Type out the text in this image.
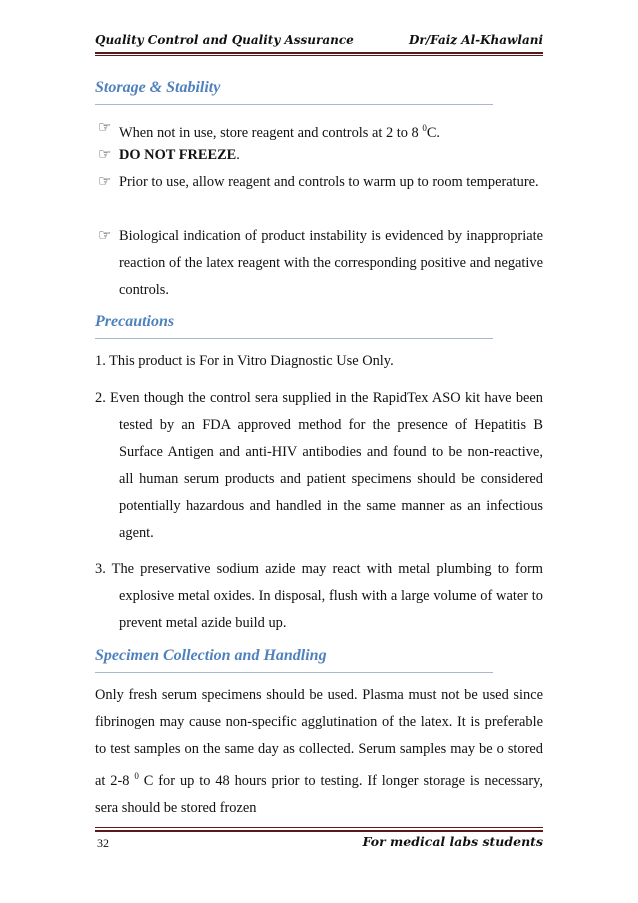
Quality Control and Quality Assurance	Dr/Faiz Al-Khawlani
Storage & Stability
☞ When not in use, store reagent and controls at 2 to 8 $^0$C.
☞ DO NOT FREEZE.
☞ Prior to use, allow reagent and controls to warm up to room temperature.
☞ Biological indication of product instability is evidenced by inappropriate reaction of the latex reagent with the corresponding positive and negative controls.
Precautions
1. This product is For in Vitro Diagnostic Use Only.
2. Even though the control sera supplied in the RapidTex ASO kit have been tested by an FDA approved method for the presence of Hepatitis B Surface Antigen and anti-HIV antibodies and found to be non-reactive, all human serum products and patient specimens should be considered potentially hazardous and handled in the same manner as an infectious agent.
3. The preservative sodium azide may react with metal plumbing to form explosive metal oxides. In disposal, flush with a large volume of water to prevent metal azide build up.
Specimen Collection and Handling
Only fresh serum specimens should be used. Plasma must not be used since fibrinogen may cause non-specific agglutination of the latex. It is preferable to test samples on the same day as collected. Serum samples may be o stored at 2-8 $^0$ C for up to 48 hours prior to testing. If longer storage is necessary, sera should be stored frozen
32	For medical labs students
